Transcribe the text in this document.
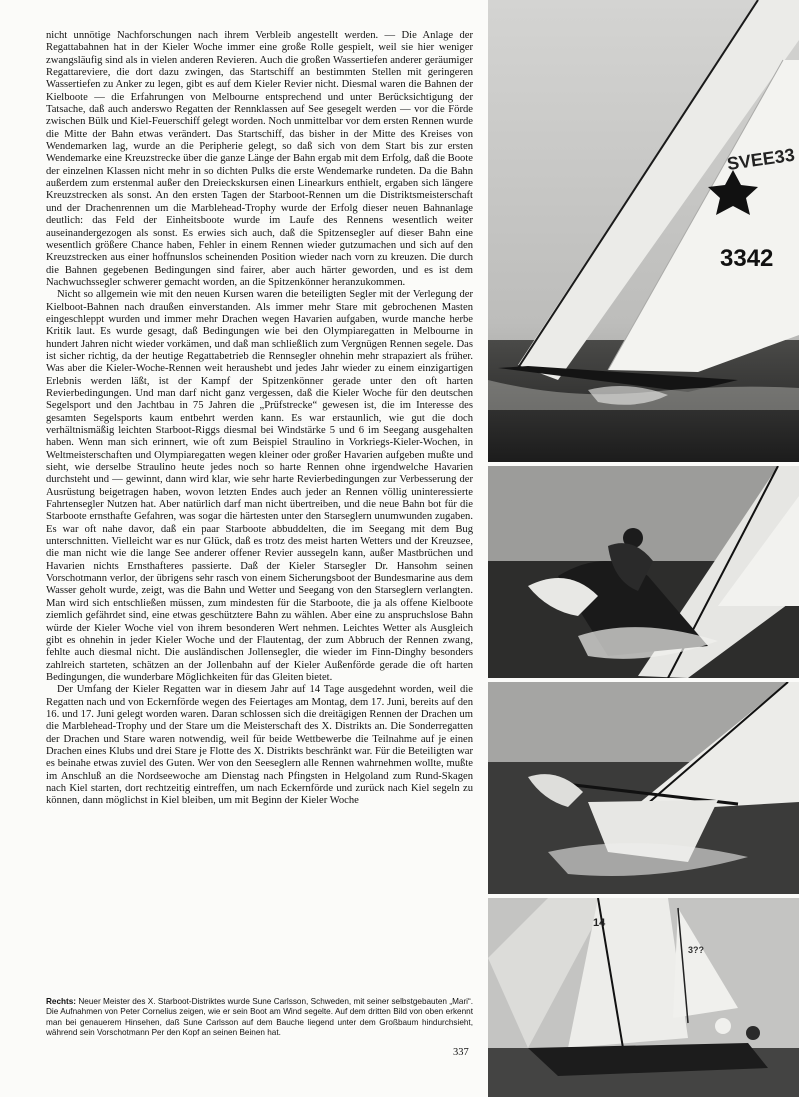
nicht unnötige Nachforschungen nach ihrem Verbleib angestellt werden. — Die Anlage der Regattabahnen hat in der Kieler Woche immer eine große Rolle gespielt, weil sie hier weniger zwangsläufig sind als in vielen anderen Revieren. Auch die großen Wassertiefen anderer geräumiger Regattareviere, die dort dazu zwingen, das Startschiff an bestimmten Stellen mit geringeren Wassertiefen zu Anker zu legen, gibt es auf dem Kieler Revier nicht. Diesmal waren die Bahnen der Kielboote — die Erfahrungen von Melbourne entsprechend und unter Berücksichtigung der Tatsache, daß auch anderswo Regatten der Rennklassen auf See gesegelt werden — vor die Förde zwischen Bülk und Kiel-Feuerschiff gelegt worden. Noch unmittelbar vor dem ersten Rennen wurde die Mitte der Bahn etwas verändert. Das Startschiff, das bisher in der Mitte des Kreises von Wendemarken lag, wurde an die Peripherie gelegt, so daß sich von dem Start bis zur ersten Wendemarke eine Kreuzstrecke über die ganze Länge der Bahn ergab mit dem Erfolg, daß die Boote der einzelnen Klassen nicht mehr in so dichten Pulks die erste Wendemarke rundeten. Da die Bahn außerdem zum erstenmal außer den Dreieckskursen einen Linearkurs enthielt, ergaben sich längere Kreuzstrecken als sonst. An den ersten Tagen der Starboot-Rennen um die Distriktsmeisterschaft und der Drachenrennen um die Marblehead-Trophy wurde der Erfolg dieser neuen Bahnanlage deutlich: das Feld der Einheitsboote wurde im Laufe des Rennens wesentlich weiter auseinandergezogen als sonst. Es erwies sich auch, daß die Spitzensegler auf dieser Bahn eine wesentlich größere Chance haben, Fehler in einem Rennen wieder gutzumachen und sich auf den Kreuzstrecken aus einer hoffnunslos scheinenden Position wieder nach vorn zu kreuzen. Die durch die Bahnen gegebenen Bedingungen sind fairer, aber auch härter geworden, und es ist dem Nachwuchssegler schwerer gemacht worden, an die Spitzenkönner heranzukommen.

Nicht so allgemein wie mit den neuen Kursen waren die beteiligten Segler mit der Verlegung der Kielboot-Bahnen nach draußen einverstanden. Als immer mehr Stare mit gebrochenen Masten eingeschleppt wurden und immer mehr Drachen wegen Havarien aufgaben, wurde manche herbe Kritik laut. Es wurde gesagt, daß Bedingungen wie bei den Olympiaregatten in Melbourne in hundert Jahren nicht wieder vorkämen, und daß man schließlich zum Vergnügen Rennen segele. Das ist sicher richtig, da der heutige Regattabetrieb die Rennsegler ohnehin mehr strapaziert als früher. Was aber die Kieler-Woche-Rennen weit heraushebt und jedes Jahr wieder zu einem einzigartigen Erlebnis werden läßt, ist der Kampf der Spitzenkönner gerade unter den oft harten Revierbedingungen. Und man darf nicht ganz vergessen, daß die Kieler Woche für den deutschen Segelsport und den Jachtbau in 75 Jahren die „Prüfstrecke“ gewesen ist, die im Interesse des gesamten Segelsports kaum entbehrt werden kann. Es war erstaunlich, wie gut die doch verhältnismäßig leichten Starboot-Riggs diesmal bei Windstärke 5 und 6 im Seegang ausgehalten haben. Wenn man sich erinnert, wie oft zum Beispiel Straulino in Vorkriegs-Kieler-Wochen, in Weltmeisterschaften und Olympiaregatten wegen kleiner oder großer Havarien aufgeben mußte und sieht, wie derselbe Straulino heute jedes noch so harte Rennen ohne irgendwelche Havarien durchsteht und — gewinnt, dann wird klar, wie sehr harte Revierbedingungen zur Verbesserung der Ausrüstung beigetragen haben, wovon letzten Endes auch jeder an Rennen völlig uninteressierte Fahrtensegler Nutzen hat. Aber natürlich darf man nicht übertreiben, und die neue Bahn bot für die Starboote ernsthafte Gefahren, was sogar die härtesten unter den Starseglern unumwunden zugaben. Es war oft nahe davor, daß ein paar Starboote abbuddelten, die im Seegang mit dem Bug unterschnitten. Vielleicht war es nur Glück, daß es trotz des meist harten Wetters und der Kreuzsee, die man nicht wie die lange See anderer offener Revier aussegeln kann, außer Mastbrüchen und Havarien nichts Ernsthafteres passierte. Daß der Kieler Starsegler Dr. Hansohm seinen Vorschotmann verlor, der übrigens sehr rasch von einem Sicherungsboot der Bundesmarine aus dem Wasser geholt wurde, zeigt, was die Bahn und Wetter und Seegang von den Starseglern verlangten. Man wird sich entschließen müssen, zum mindesten für die Starboote, die ja als offene Kielboote ziemlich gefährdet sind, eine etwas geschütztere Bahn zu wählen. Aber eine zu anspruchslose Bahn würde der Kieler Woche viel von ihrem besonderen Wert nehmen. Leichtes Wetter als Ausgleich gibt es ohnehin in jeder Kieler Woche und der Flautentag, der zum Abbruch der Rennen zwang, fehlte auch diesmal nicht. Die ausländischen Jollensegler, die wieder im Finn-Dinghy besonders zahlreich starteten, schätzen an der Jollenbahn auf der Kieler Außenförde gerade die oft harten Bedingungen, die wunderbare Möglichkeiten für das Gleiten bietet.

Der Umfang der Kieler Regatten war in diesem Jahr auf 14 Tage ausgedehnt worden, weil die Regatten nach und von Eckernförde wegen des Feiertages am Montag, dem 17. Juni, bereits auf den 16. und 17. Juni gelegt worden waren. Daran schlossen sich die dreitägigen Rennen der Drachen um die Marblehead-Trophy und der Stare um die Meisterschaft des X. Distrikts an. Die Sonderregatten der Drachen und Stare waren notwendig, weil für beide Wettbewerbe die Teilnahme auf je einen Drachen eines Klubs und drei Stare je Flotte des X. Distrikts beschränkt war. Für die Beteiligten war es beinahe etwas zuviel des Guten. Wer von den Seeseglern alle Rennen wahrnehmen wollte, mußte im Anschluß an die Nordseewoche am Dienstag nach Pfingsten in Helgoland zum Rund-Skagen nach Kiel starten, dort rechtzeitig eintreffen, um nach Eckernförde und zurück nach Kiel segeln zu können, dann möglichst in Kiel bleiben, um mit Beginn der Kieler Woche

Rechts: Neuer Meister des X. Starboot-Distriktes wurde Sune Carlsson, Schweden, mit seiner selbstgebauten „Mari“. Die Aufnahmen von Peter Cornelius zeigen, wie er sein Boot am Wind segelte. Auf dem dritten Bild von oben erkennt man bei genauerem Hinsehen, daß Sune Carlsson auf dem Bauche liegend unter dem Großbaum hindurchsieht, während sein Vorschotmann Per den Kopf an seinen Beinen hat.

337
3342
SVEE33
14
3??
